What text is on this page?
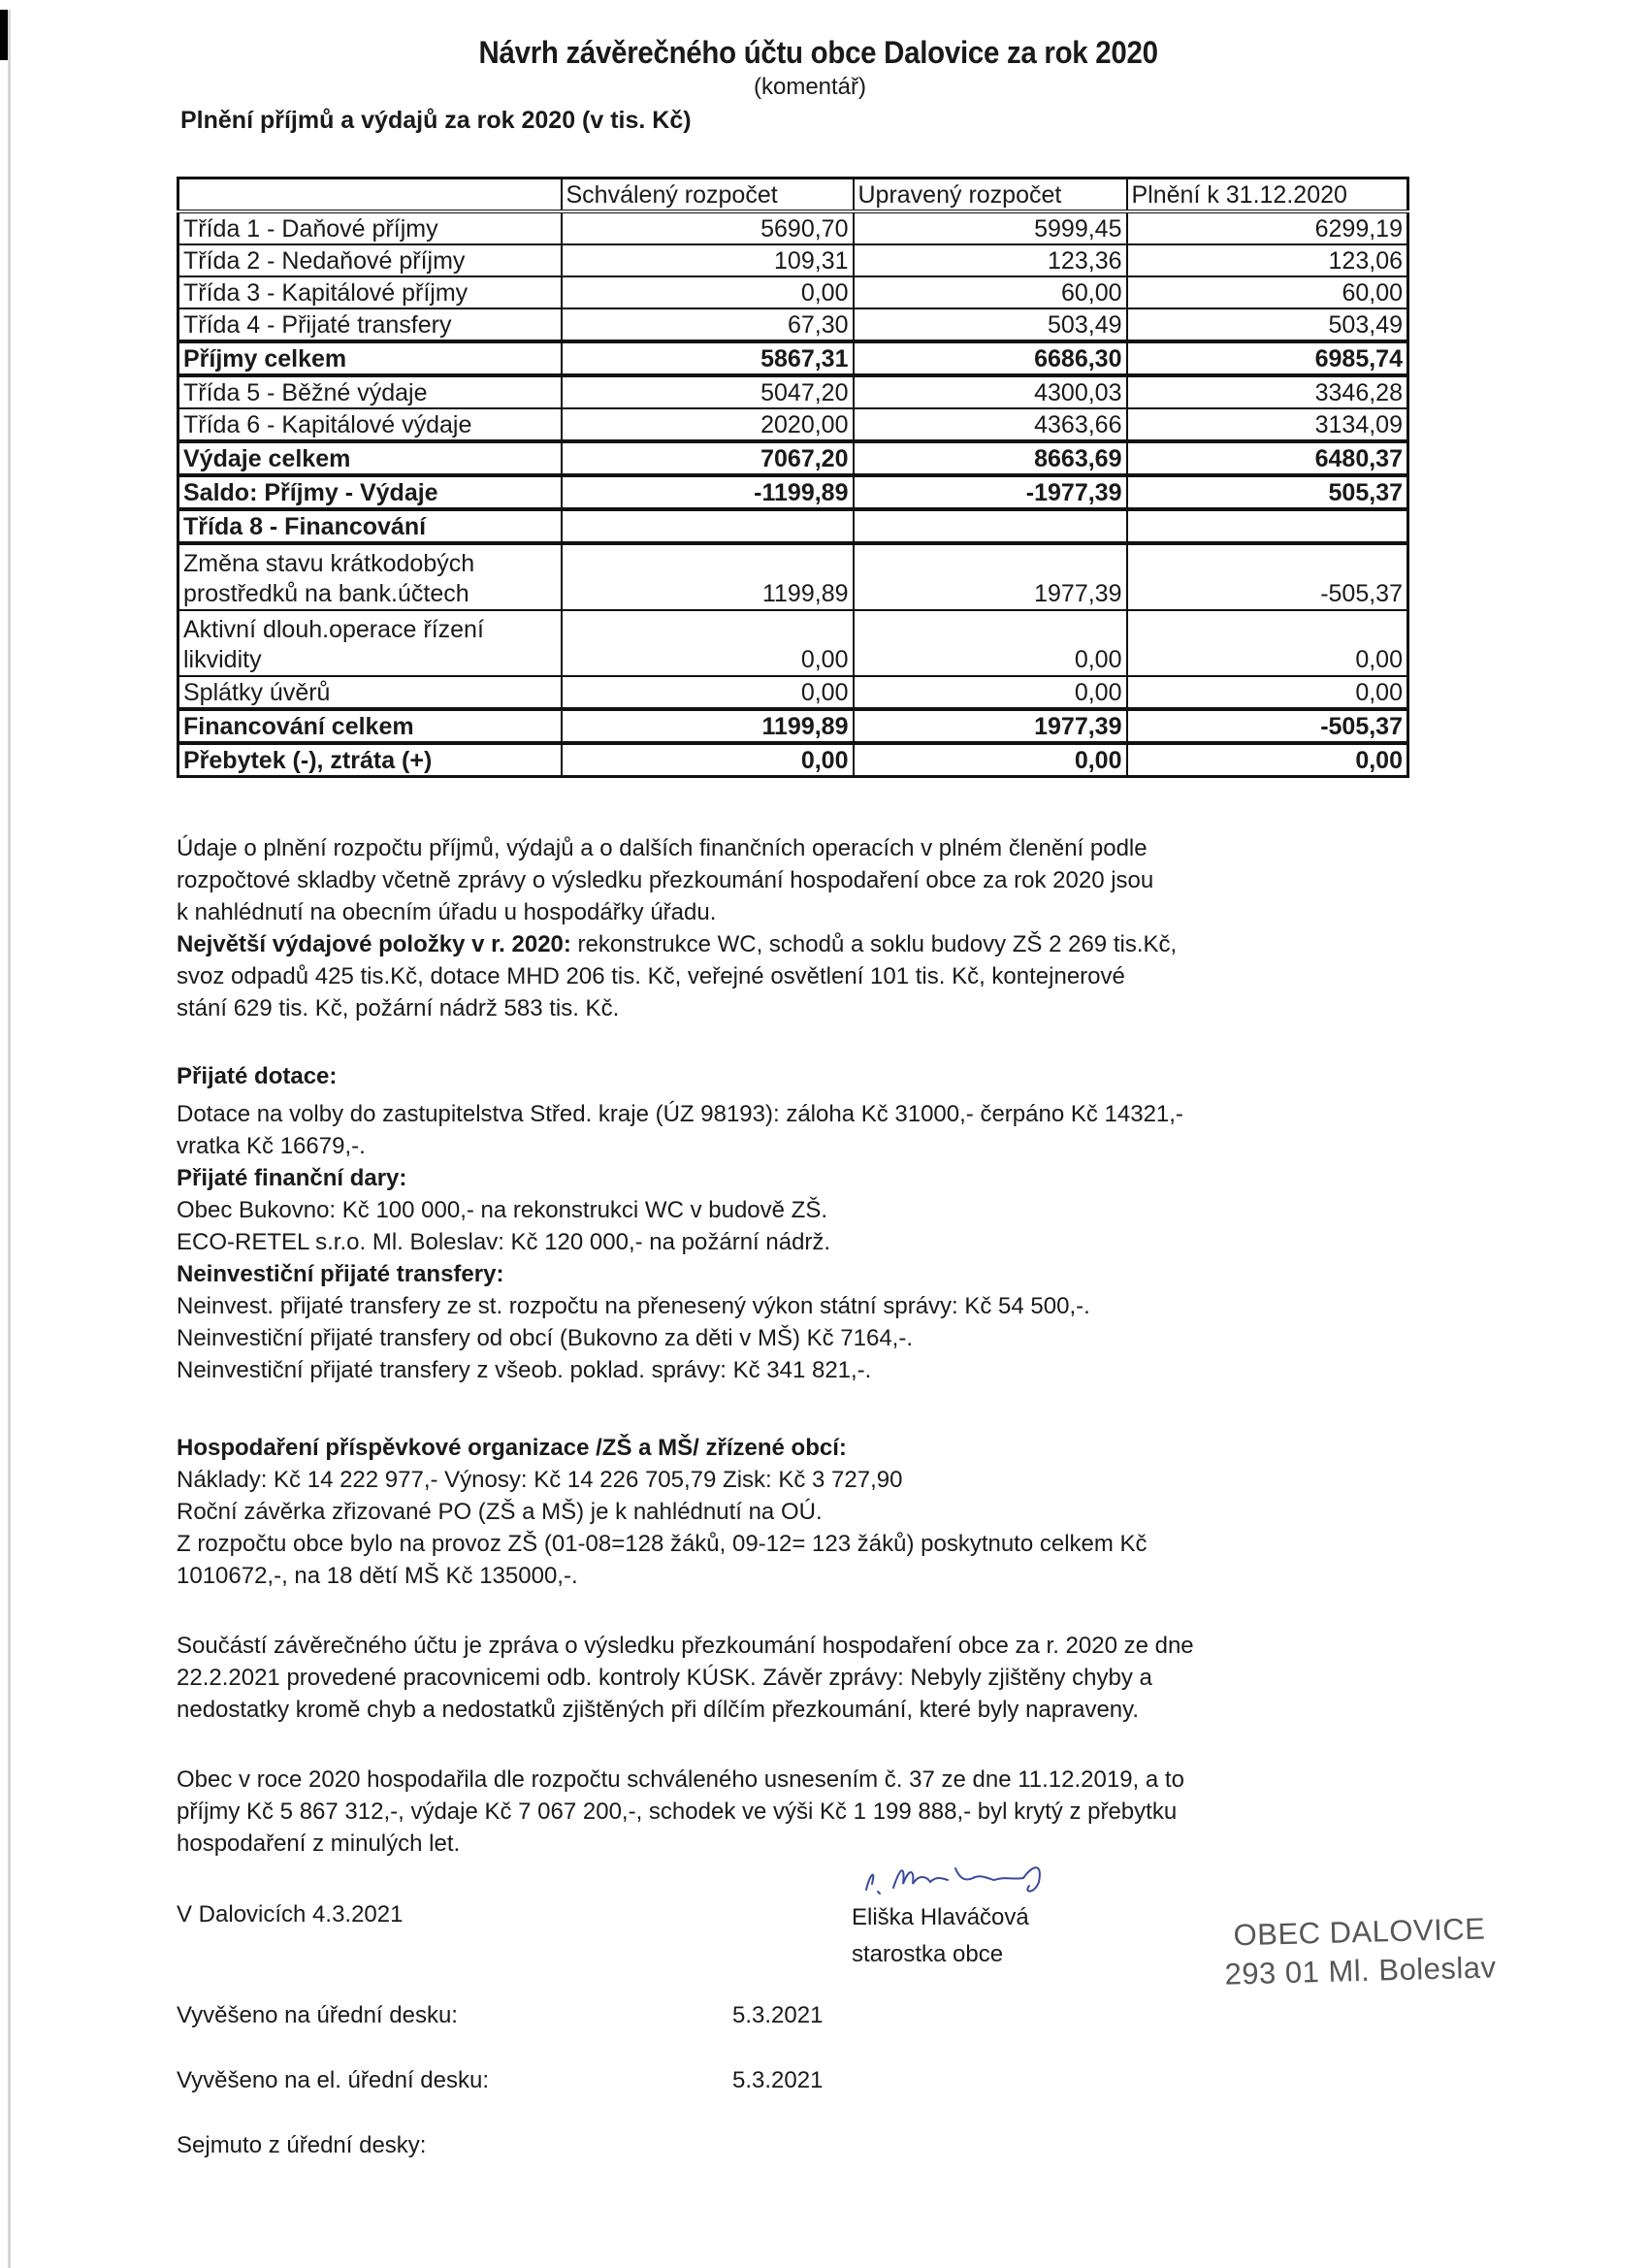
Návrh závěrečného účtu obce Dalovice za rok 2020
(komentář)
Plnění příjmů a výdajů za rok 2020 (v tis. Kč)
	Schválený rozpočet	Upravený rozpočet	Plnění k 31.12.2020
Třída 1 - Daňové příjmy	5690,70	5999,45	6299,19
Třída 2 - Nedaňové příjmy	109,31	123,36	123,06
Třída 3 - Kapitálové příjmy	0,00	60,00	60,00
Třída 4 - Přijaté transfery	67,30	503,49	503,49
Příjmy celkem	5867,31	6686,30	6985,74
Třída 5 - Běžné výdaje	5047,20	4300,03	3346,28
Třída 6 - Kapitálové výdaje	2020,00	4363,66	3134,09
Výdaje celkem	7067,20	8663,69	6480,37
Saldo: Příjmy - Výdaje	-1199,89	-1977,39	505,37
Třída 8 - Financování			
Změna stavu krátkodobých prostředků na bank.účtech	1199,89	1977,39	-505,37
Aktivní dlouh.operace řízení likvidity	0,00	0,00	0,00
Splátky úvěrů	0,00	0,00	0,00
Financování celkem	1199,89	1977,39	-505,37
Přebytek (-), ztráta (+)	0,00	0,00	0,00
Údaje o plnění rozpočtu příjmů, výdajů a o dalších finančních operacích v plném členění podle
rozpočtové skladby včetně zprávy o výsledku přezkoumání hospodaření obce za rok 2020 jsou
k nahlédnutí na obecním úřadu u hospodářky úřadu.
Největší výdajové položky v r. 2020: rekonstrukce WC, schodů a soklu budovy ZŠ 2 269 tis.Kč,
svoz odpadů 425 tis.Kč, dotace MHD 206 tis. Kč, veřejné osvětlení 101 tis. Kč, kontejnerové
stání 629 tis. Kč, požární nádrž 583 tis. Kč.
Přijaté dotace:
Dotace na volby do zastupitelstva Střed. kraje (ÚZ 98193): záloha Kč 31000,- čerpáno Kč 14321,-
vratka Kč 16679,-.
Přijaté finanční dary:
Obec Bukovno: Kč 100 000,- na rekonstrukci WC v budově ZŠ.
ECO-RETEL s.r.o. Ml. Boleslav: Kč 120 000,- na požární nádrž.
Neinvestiční přijaté transfery:
Neinvest. přijaté transfery ze st. rozpočtu na přenesený výkon státní správy: Kč 54 500,-.
Neinvestiční přijaté transfery od obcí (Bukovno za děti v MŠ) Kč 7164,-.
Neinvestiční přijaté transfery z všeob. poklad. správy: Kč 341 821,-.
Hospodaření příspěvkové organizace /ZŠ a MŠ/ zřízené obcí:
Náklady: Kč 14 222 977,- Výnosy: Kč 14 226 705,79 Zisk: Kč 3 727,90
Roční závěrka zřizované PO (ZŠ a MŠ) je k nahlédnutí na OÚ.
Z rozpočtu obce bylo na provoz ZŠ (01-08=128 žáků, 09-12= 123 žáků) poskytnuto celkem Kč
1010672,-, na 18 dětí MŠ Kč 135000,-.
Součástí závěrečného účtu je zpráva o výsledku přezkoumání hospodaření obce za r. 2020 ze dne
22.2.2021 provedené pracovnicemi odb. kontroly KÚSK. Závěr zprávy: Nebyly zjištěny chyby a
nedostatky kromě chyb a nedostatků zjištěných při dílčím přezkoumání, které byly napraveny.
Obec v roce 2020 hospodařila dle rozpočtu schváleného usnesením č. 37 ze dne 11.12.2019, a to
příjmy Kč 5 867 312,-, výdaje Kč 7 067 200,-, schodek ve výši Kč 1 199 888,- byl krytý z přebytku
hospodaření z minulých let.
V Dalovicích 4.3.2021	Eliška Hlaváčová
starostka obce
OBEC DALOVICE
293 01 Ml. Boleslav
Vyvěšeno na úřední desku:	5.3.2021
Vyvěšeno na el. úřední desku:	5.3.2021
Sejmuto z úřední desky:
